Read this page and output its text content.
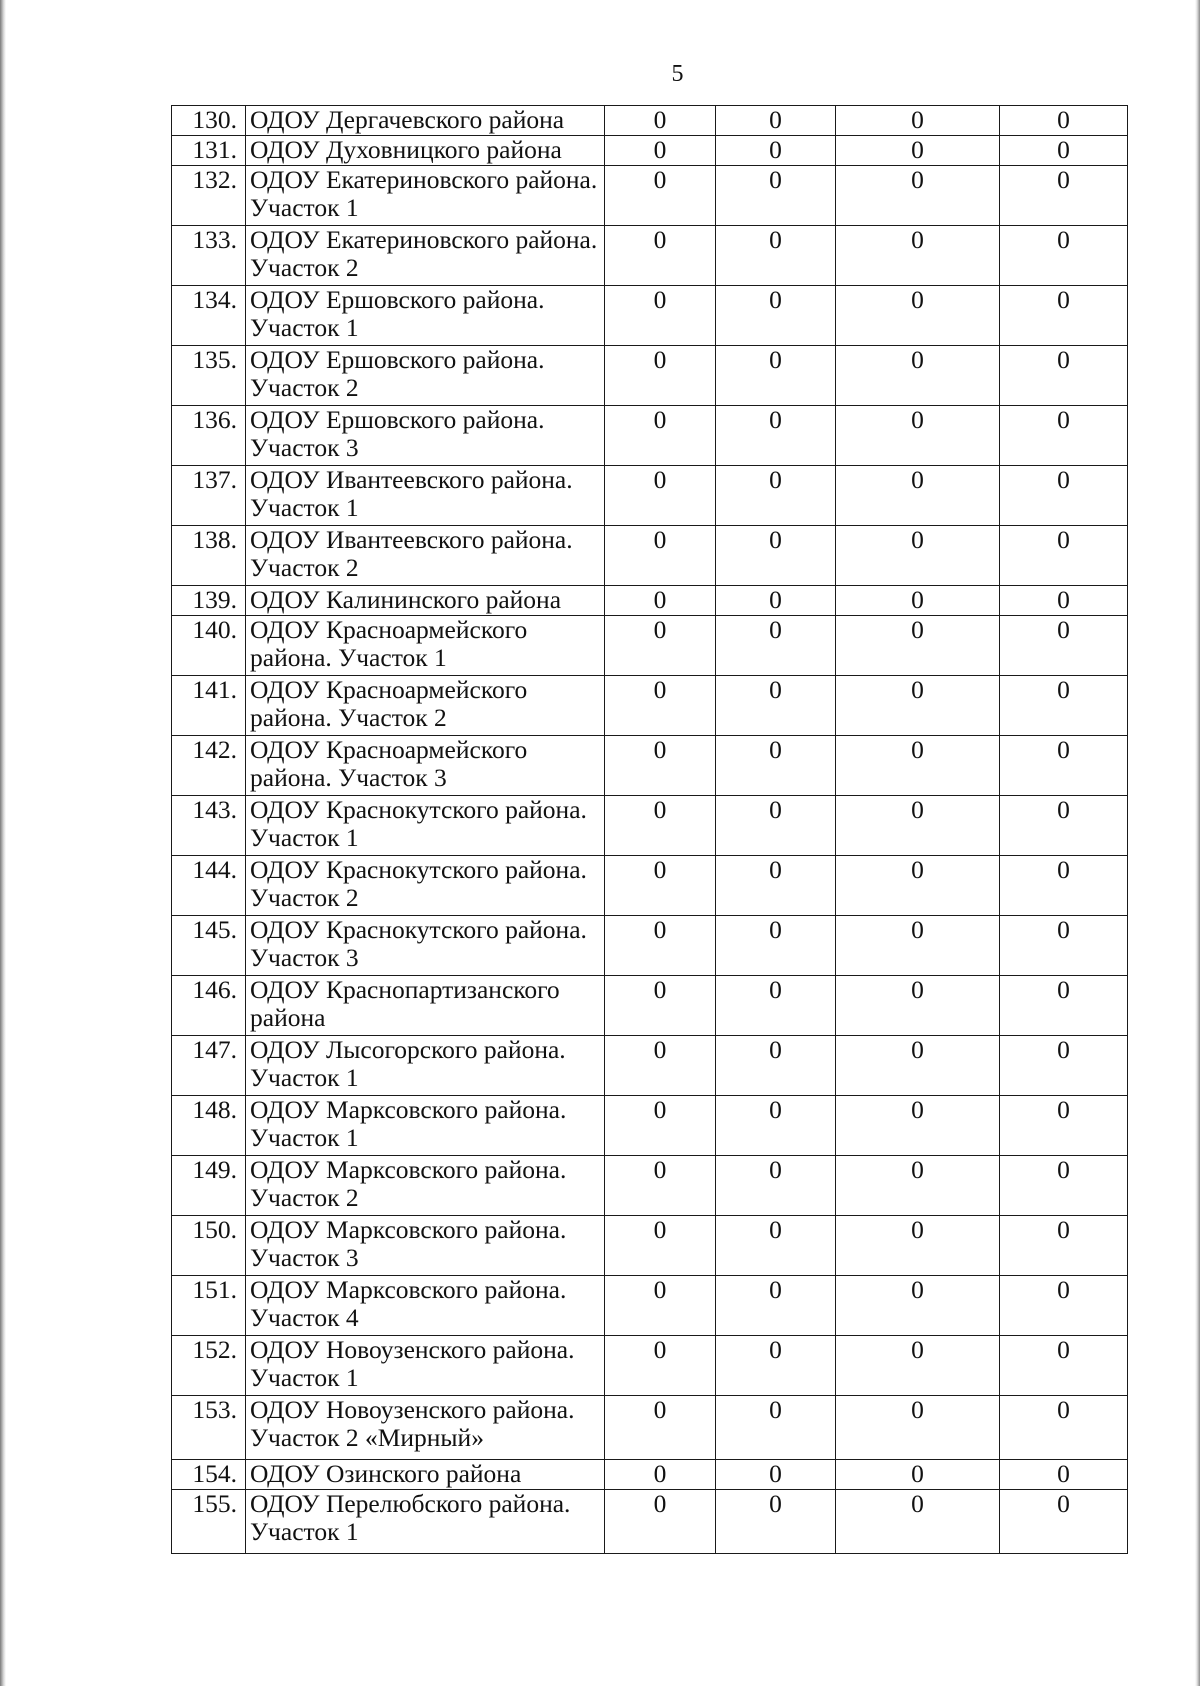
5
130.	ОДОУ Дергачевского района	0	0	0	0
131.	ОДОУ Духовницкого района	0	0	0	0
132.	ОДОУ Екатериновского района. Участок 1	0	0	0	0
133.	ОДОУ Екатериновского района. Участок 2	0	0	0	0
134.	ОДОУ Ершовского района. Участок 1	0	0	0	0
135.	ОДОУ Ершовского района. Участок 2	0	0	0	0
136.	ОДОУ Ершовского района. Участок 3	0	0	0	0
137.	ОДОУ Ивантеевского района. Участок 1	0	0	0	0
138.	ОДОУ Ивантеевского района. Участок 2	0	0	0	0
139.	ОДОУ Калининского района	0	0	0	0
140.	ОДОУ Красноармейского района. Участок 1	0	0	0	0
141.	ОДОУ Красноармейского района. Участок 2	0	0	0	0
142.	ОДОУ Красноармейского района. Участок 3	0	0	0	0
143.	ОДОУ Краснокутского района. Участок 1	0	0	0	0
144.	ОДОУ Краснокутского района. Участок 2	0	0	0	0
145.	ОДОУ Краснокутского района. Участок 3	0	0	0	0
146.	ОДОУ Краснопартизанского района	0	0	0	0
147.	ОДОУ Лысогорского района. Участок 1	0	0	0	0
148.	ОДОУ Марксовского района. Участок 1	0	0	0	0
149.	ОДОУ Марксовского района. Участок 2	0	0	0	0
150.	ОДОУ Марксовского района. Участок 3	0	0	0	0
151.	ОДОУ Марксовского района. Участок 4	0	0	0	0
152.	ОДОУ Новоузенского района. Участок 1	0	0	0	0
153.	ОДОУ Новоузенского района. Участок 2 «Мирный»	0	0	0	0
154.	ОДОУ Озинского района	0	0	0	0
155.	ОДОУ Перелюбского района. Участок 1	0	0	0	0
